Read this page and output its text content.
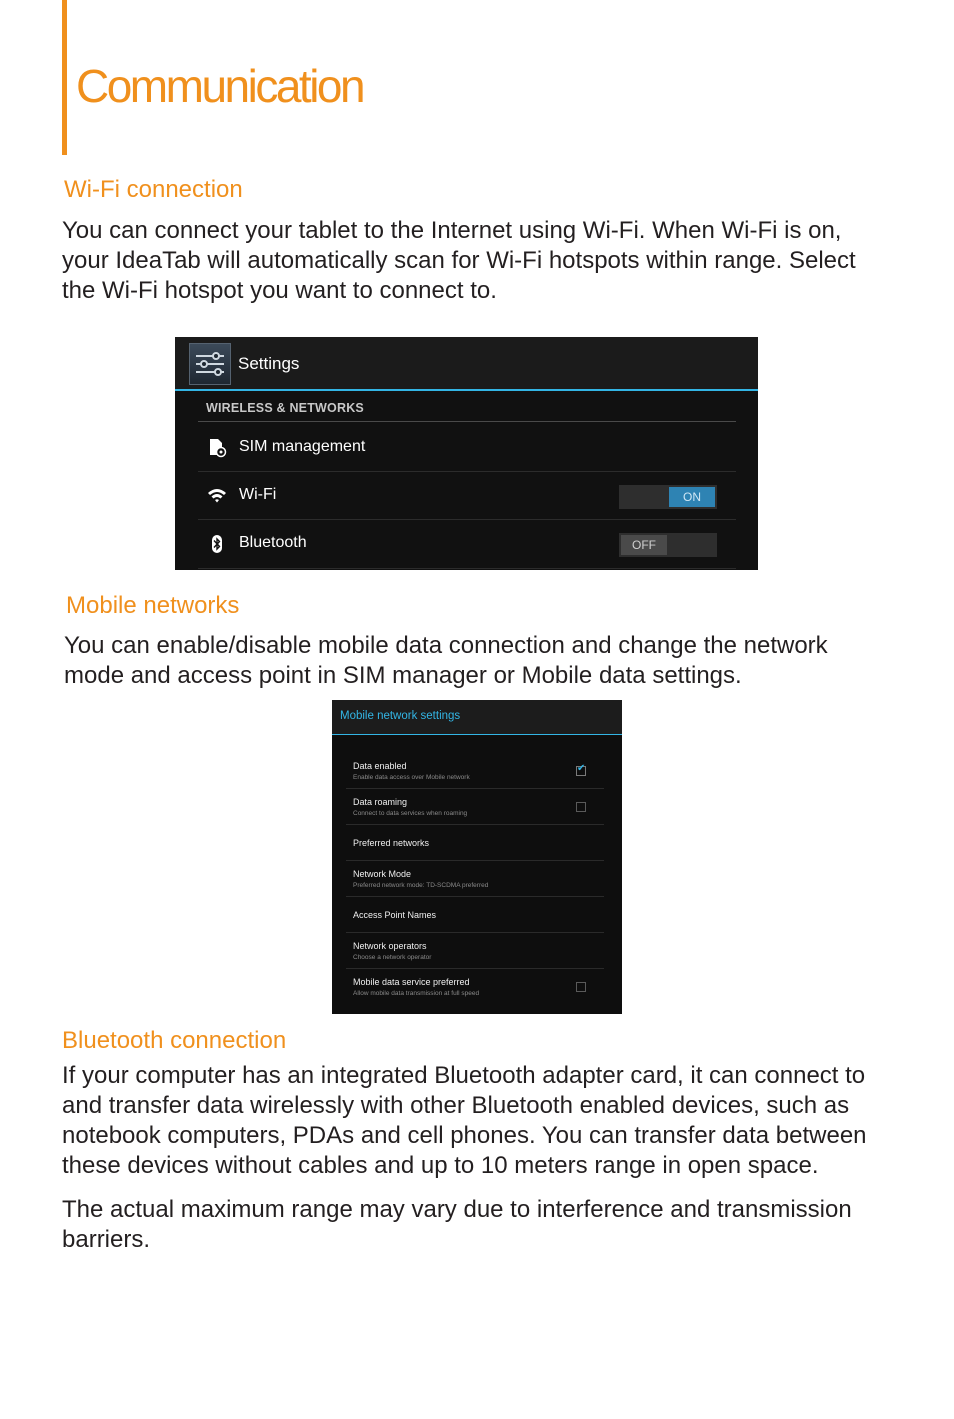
Communication
Wi-Fi connection

You can connect your tablet to the Internet using Wi-Fi. When Wi-Fi is on,
your IdeaTab will automatically scan for Wi-Fi hotspots within range. Select
the Wi-Fi hotspot you want to connect to.

Settings
WIRELESS & NETWORKS
SIM management
Wi-Fi	ON
Bluetooth	OFF
Mobile networks

You can enable/disable mobile data connection and change the network
mode and access point in SIM manager or Mobile data settings.

Mobile network settings
Data enabled
Enable data access over Mobile network
✔
Data roaming
Connect to data services when roaming
Preferred networks
Network Mode
Preferred network mode: TD-SCDMA preferred
Access Point Names
Network operators
Choose a network operator
Mobile data service preferred
Allow mobile data transmission at full speed
Bluetooth connection

If your computer has an integrated Bluetooth adapter card, it can connect to
and transfer data wirelessly with other Bluetooth enabled devices, such as
notebook computers, PDAs and cell phones. You can transfer data between
these devices without cables and up to 10 meters range in open space.

The actual maximum range may vary due to interference and transmission
barriers.
